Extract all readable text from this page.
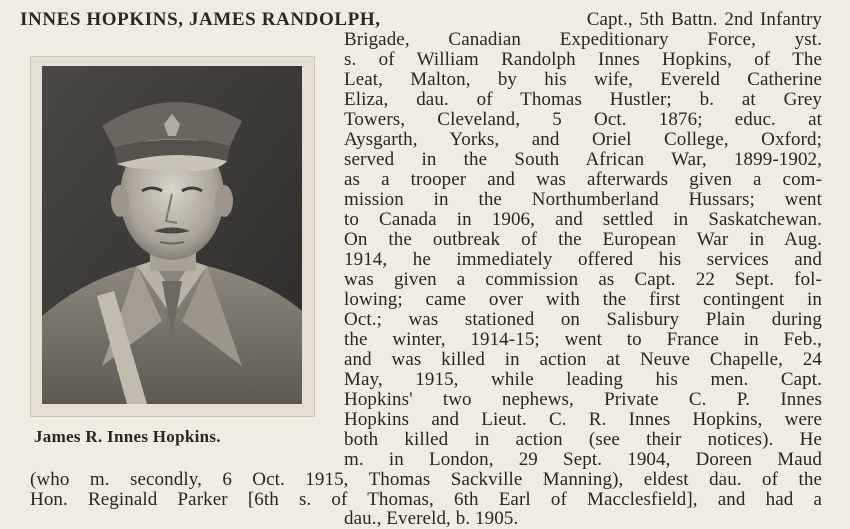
INNES HOPKINS, JAMES RANDOLPH,	Capt., 5th Battn. 2nd Infantry
Brigade, Canadian Expeditionary Force, yst.
s. of William Randolph Innes Hopkins, of The
Leat, Malton, by his wife, Evereld Catherine
Eliza, dau. of Thomas Hustler; b. at Grey
Towers, Cleveland, 5 Oct. 1876; educ. at
Aysgarth, Yorks, and Oriel College, Oxford;
served in the South African War, 1899-1902,
as a trooper and was afterwards given a com-
mission in the Northumberland Hussars; went
to Canada in 1906, and settled in Saskatchewan.
On the outbreak of the European War in Aug.
1914, he immediately offered his services and
was given a commission as Capt. 22 Sept. fol-
lowing; came over with the first contingent in
Oct.; was stationed on Salisbury Plain during
the winter, 1914-15; went to France in Feb.,
and was killed in action at Neuve Chapelle, 24
May, 1915, while leading his men. Capt.
Hopkins' two nephews, Private C. P. Innes
Hopkins and Lieut. C. R. Innes Hopkins, were
both killed in action (see their notices). He
m. in London, 29 Sept. 1904, Doreen Maud
(who m. secondly, 6 Oct. 1915, Thomas Sackville Manning), eldest dau. of the
Hon. Reginald Parker [6th s. of Thomas, 6th Earl of Macclesfield], and had a
dau., Evereld, b. 1905.
James R. Innes Hopkins.
